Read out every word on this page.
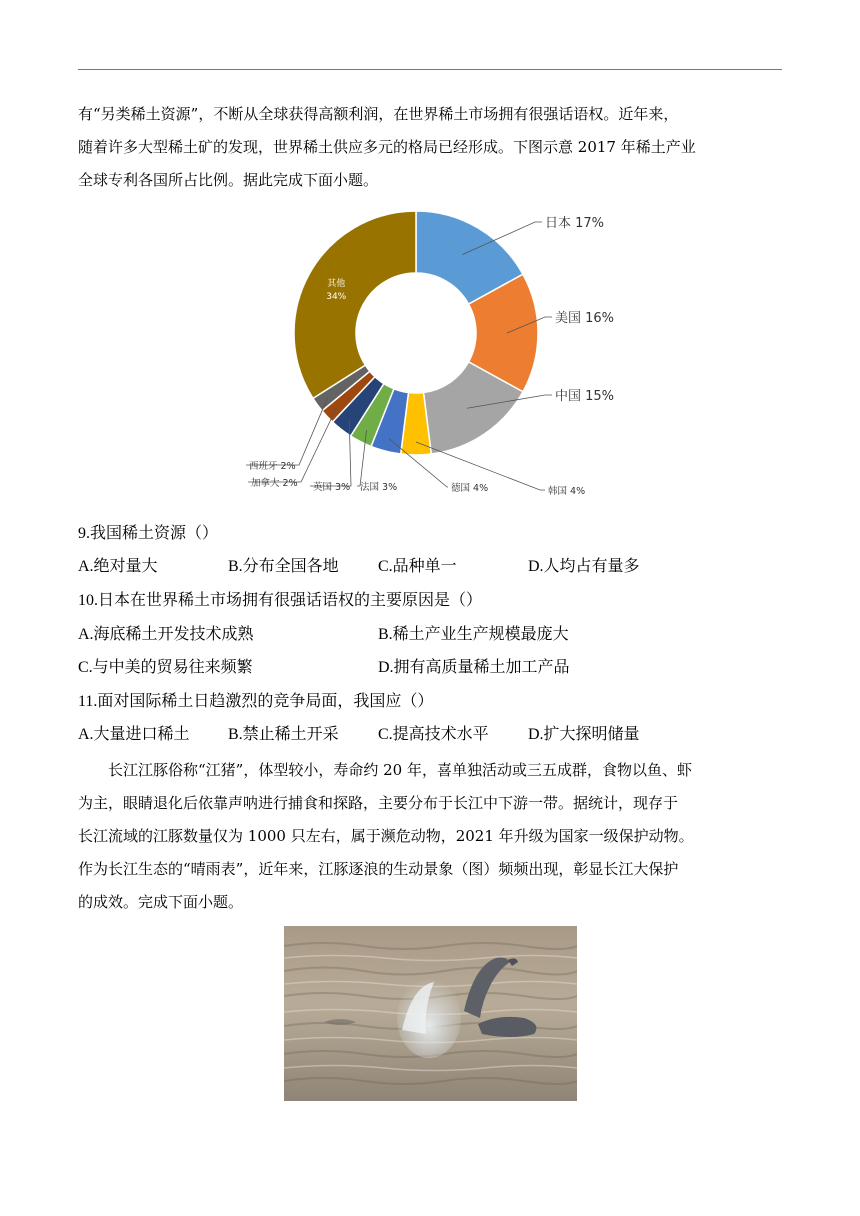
有“另类稀土资源”，不断从全球获得高额利润，在世界稀土市场拥有很强话语权。近年来，
随着许多大型稀土矿的发现，世界稀土供应多元的格局已经形成。下图示意 2017 年稀土产业
全球专利各国所占比例。据此完成下面小题。
日本 17%
美国 16%
中国 15%
韩国 4%
德国 4%
法国 3%
英国 3%
加拿大 2%
西班牙 2%
其他
34%
9.我国稀土资源（）
A.绝对量大	B.分布全国各地 C.品种单一	D.人均占有量多
10.日本在世界稀土市场拥有很强话语权的主要原因是（）
A.海底稀土开发技术成熟	B.稀土产业生产规模最庞大
C.与中美的贸易往来频繁	D.拥有高质量稀土加工产品
11.面对国际稀土日趋激烈的竞争局面，我国应（）
A.大量进口稀土 B.禁止稀土开采 C.提高技术水平 D.扩大探明储量
长江江豚俗称“江猪”，体型较小，寿命约 20 年，喜单独活动或三五成群，食物以鱼、虾
为主，眼睛退化后依靠声呐进行捕食和探路，主要分布于长江中下游一带。据统计，现存于
长江流域的江豚数量仅为 1000 只左右，属于濒危动物，2021 年升级为国家一级保护动物。
作为长江生态的“晴雨表”，近年来，江豚逐浪的生动景象（图）频频出现，彰显长江大保护
的成效。完成下面小题。
